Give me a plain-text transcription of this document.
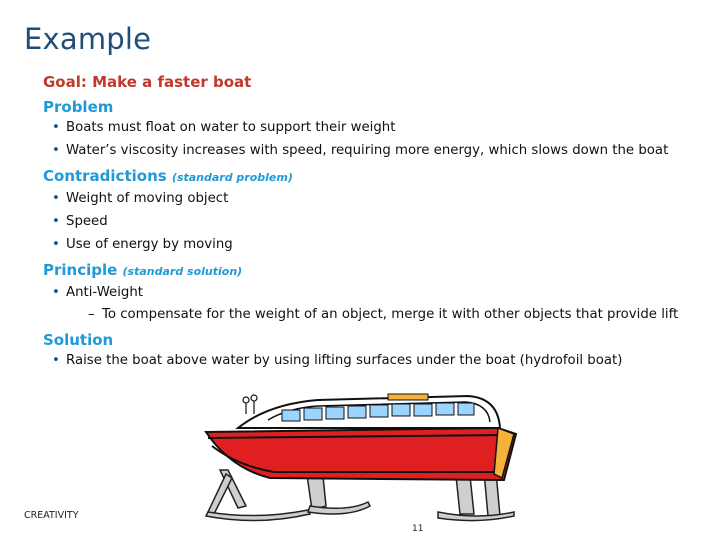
Example
Goal: Make a faster boat
Problem
• Boats must float on water to support their weight
• Water’s viscosity increases with speed, requiring more energy, which slows down the boat
Contradictions (standard problem)
• Weight of moving object
• Speed
• Use of energy by moving
Principle (standard solution)
• Anti-Weight
– To compensate for the weight of an object, merge it with other objects that provide lift
Solution
• Raise the boat above water by using lifting surfaces under the boat (hydrofoil boat)
CREATIVITY
11
